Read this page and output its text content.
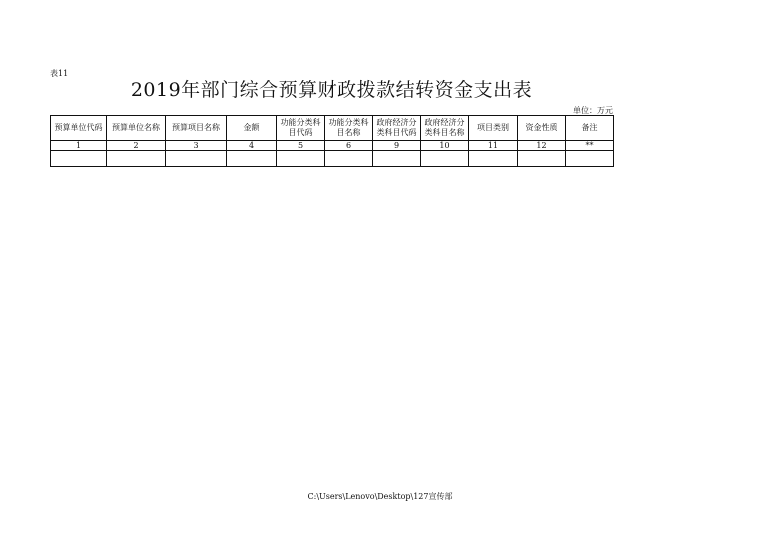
表11
2019年部门综合预算财政拨款结转资金支出表
单位：万元
预算单位代码	预算单位名称	预算项目名称	金额	功能分类科目代码	功能分类科目名称	政府经济分类科目代码	政府经济分类科目名称	项目类别	资金性质	备注
1	2	3	4	5	6	9	10	11	12	**

C:\Users\Lenovo\Desktop\127宣传部
